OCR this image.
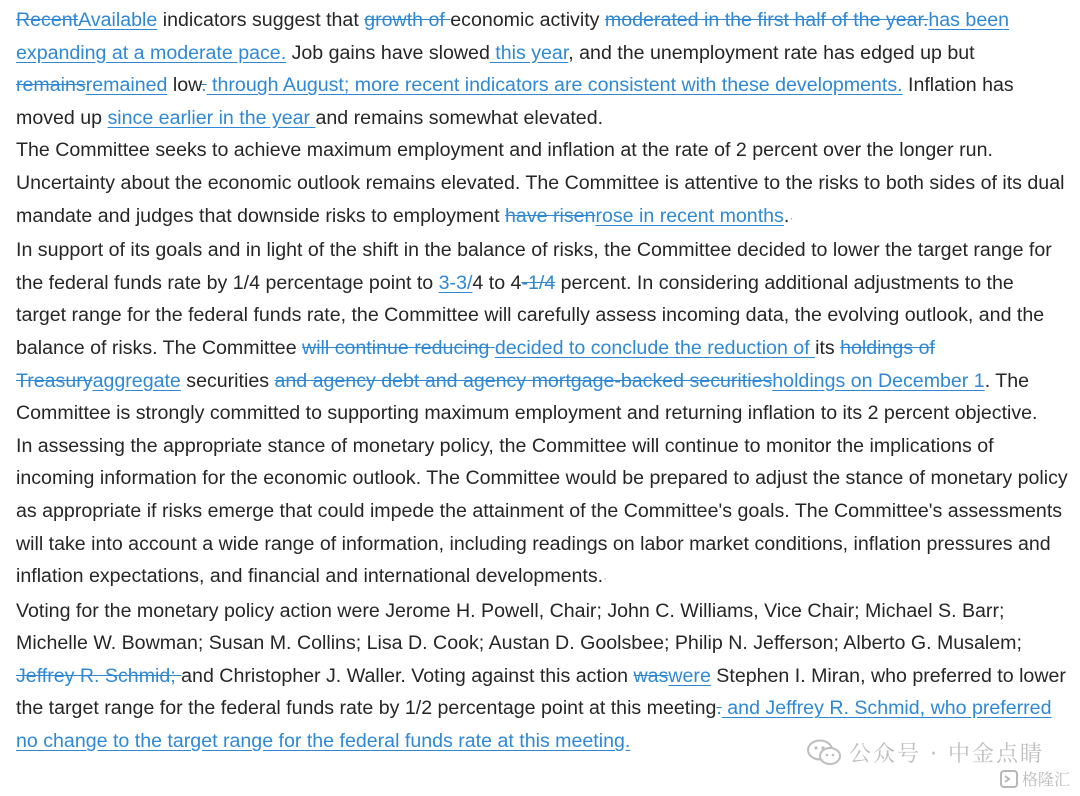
RecentAvailable indicators suggest that growth of economic activity moderated in the first half of the year.has been expanding at a moderate pace. Job gains have slowed this year, and the unemployment rate has edged up but remainsremained low. through August; more recent indicators are consistent with these developments. Inflation has moved up since earlier in the year and remains somewhat elevated.

The Committee seeks to achieve maximum employment and inflation at the rate of 2 percent over the longer run. Uncertainty about the economic outlook remains elevated. The Committee is attentive to the risks to both sides of its dual mandate and judges that downside risks to employment have risenrose in recent months.·

In support of its goals and in light of the shift in the balance of risks, the Committee decided to lower the target range for the federal funds rate by 1/4 percentage point to 3-3/4 to 4-1/4 percent. In considering additional adjustments to the target range for the federal funds rate, the Committee will carefully assess incoming data, the evolving outlook, and the balance of risks. The Committee will continue reducing decided to conclude the reduction of its holdings of Treasuryaggregate securities and agency debt and agency mortgage-backed securitiesholdings on December 1. The Committee is strongly committed to supporting maximum employment and returning inflation to its 2 percent objective.

In assessing the appropriate stance of monetary policy, the Committee will continue to monitor the implications of incoming information for the economic outlook. The Committee would be prepared to adjust the stance of monetary policy as appropriate if risks emerge that could impede the attainment of the Committee's goals. The Committee's assessments will take into account a wide range of information, including readings on labor market conditions, inflation pressures and inflation expectations, and financial and international developments.·

Voting for the monetary policy action were Jerome H. Powell, Chair; John C. Williams, Vice Chair; Michael S. Barr; Michelle W. Bowman; Susan M. Collins; Lisa D. Cook; Austan D. Goolsbee; Philip N. Jefferson; Alberto G. Musalem; Jeffrey R. Schmid; and Christopher J. Waller. Voting against this action waswere Stephen I. Miran, who preferred to lower the target range for the federal funds rate by 1/2 percentage point at this meeting. and Jeffrey R. Schmid, who preferred no change to the target range for the federal funds rate at this meeting.

公众号 · 中金点睛
格隆汇
